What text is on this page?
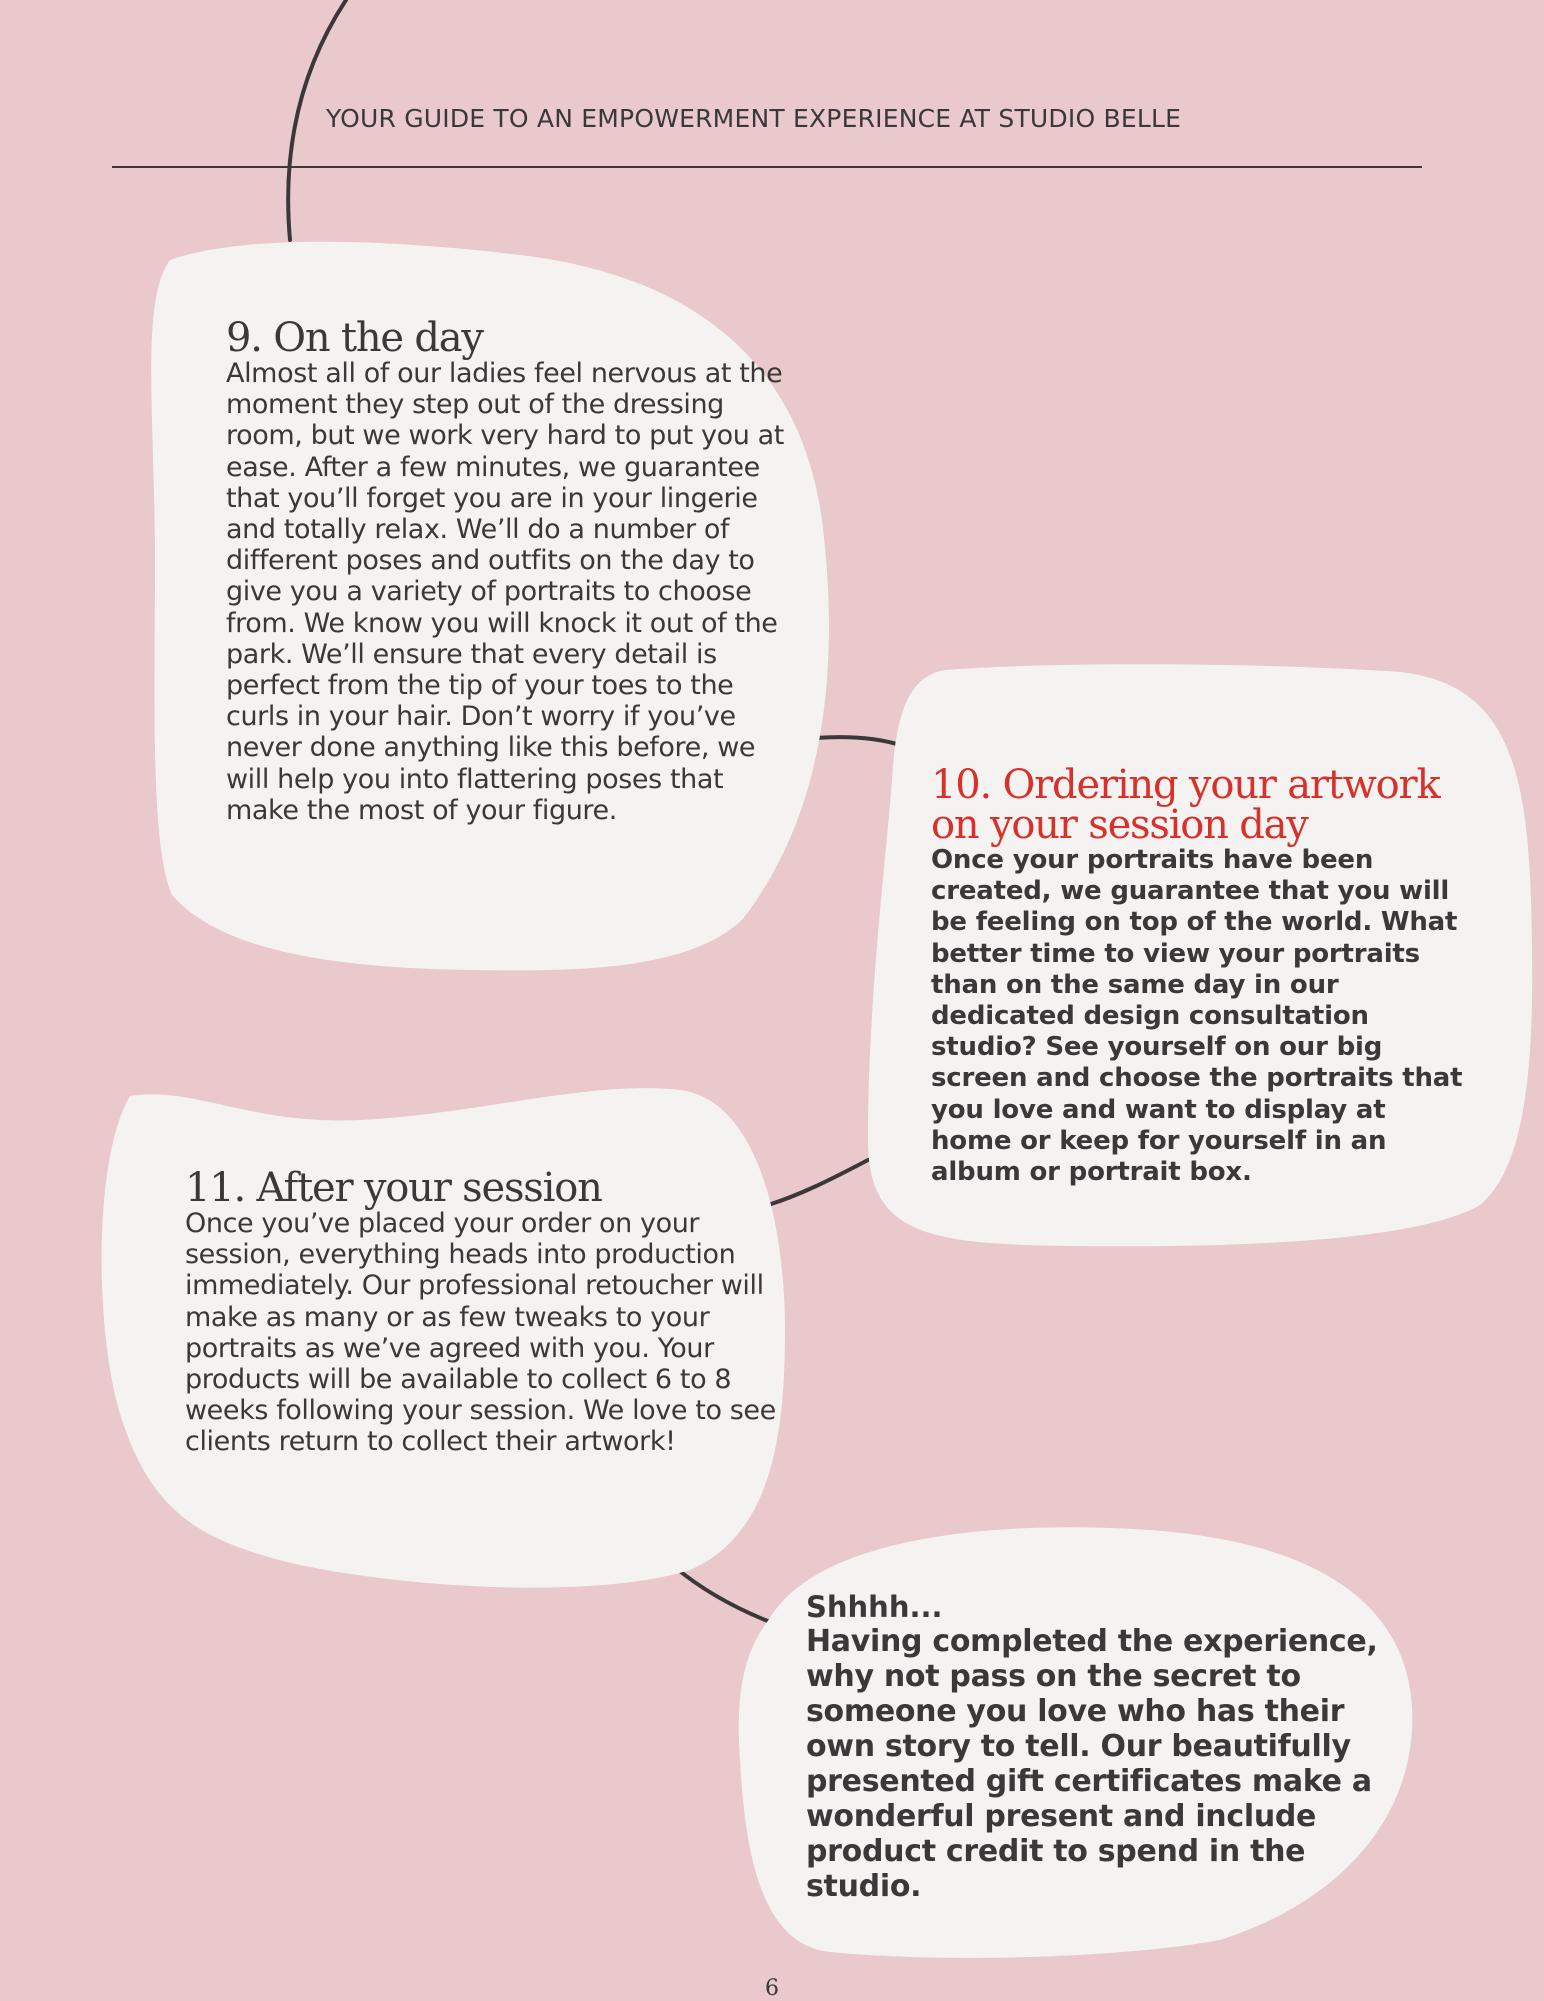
YOUR GUIDE TO AN EMPOWERMENT EXPERIENCE AT STUDIO BELLE
9. On the day

Almost all of our ladies feel nervous at the moment they step out of the dressing room, but we work very hard to put you at ease. After a few minutes, we guarantee that you’ll forget you are in your lingerie and totally relax. We’ll do a number of different poses and outfits on the day to give you a variety of portraits to choose from. We know you will knock it out of the park. We’ll ensure that every detail is perfect from the tip of your toes to the curls in your hair. Don’t worry if you’ve never done anything like this before, we will help you into flattering poses that make the most of your figure.

10. Ordering your artwork on your session day

Once your portraits have been created, we guarantee that you will be feeling on top of the world. What better time to view your portraits than on the same day in our dedicated design consultation studio? See yourself on our big screen and choose the portraits that you love and want to display at home or keep for yourself in an album or portrait box.

11. After your session

Once you’ve placed your order on your session, everything heads into production immediately. Our professional retoucher will make as many or as few tweaks to your portraits as we’ve agreed with you. Your products will be available to collect 6 to 8 weeks following your session. We love to see clients return to collect their artwork!

Shhhh...

Having completed the experience, why not pass on the secret to someone you love who has their own story to tell. Our beautifully presented gift certificates make a wonderful present and include product credit to spend in the studio.

6
